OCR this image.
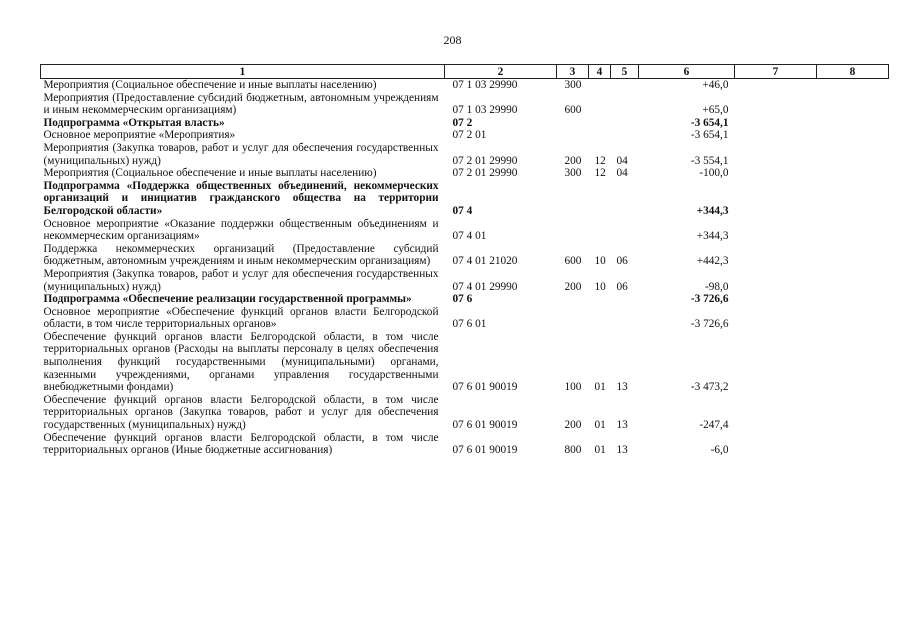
208
1	2	3	4	5	6	7	8
Мероприятия (Социальное обеспечение и иные выплаты населению)	07 1 03 29990	300			+46,0		
Мероприятия (Предоставление субсидий бюджетным, автономным учреждениям и иным некоммерческим организациям)	07 1 03 29990	600			+65,0		
Подпрограмма «Открытая власть»	07 2				-3 654,1		
Основное мероприятие «Мероприятия»	07 2 01				-3 654,1		
Мероприятия (Закупка товаров, работ и услуг для обеспечения государственных (муниципальных) нужд)	07 2 01 29990	200	12	04	-3 554,1		
Мероприятия (Социальное обеспечение и иные выплаты населению)	07 2 01 29990	300	12	04	-100,0		
Подпрограмма «Поддержка общественных объединений, некоммерческих организаций и инициатив гражданского общества на территории Белгородской области»	07 4				+344,3		
Основное мероприятие «Оказание поддержки общественным объединениям и некоммерческим организациям»	07 4 01				+344,3		
Поддержка некоммерческих организаций (Предоставление субсидий бюджетным, автономным учреждениям и иным некоммерческим организациям)	07 4 01 21020	600	10	06	+442,3		
Мероприятия (Закупка товаров, работ и услуг для обеспечения государственных (муниципальных) нужд)	07 4 01 29990	200	10	06	-98,0		
Подпрограмма «Обеспечение реализации государственной программы»	07 6				-3 726,6		
Основное мероприятие «Обеспечение функций органов власти Белгородской области, в том числе территориальных органов»	07 6 01				-3 726,6		
Обеспечение функций органов власти Белгородской области, в том числе территориальных органов (Расходы на выплаты персоналу в целях обеспечения выполнения функций государственными (муниципальными) органами, казенными учреждениями, органами управления государственными внебюджетными фондами)	07 6 01 90019	100	01	13	-3 473,2		
Обеспечение функций органов власти Белгородской области, в том числе территориальных органов (Закупка товаров, работ и услуг для обеспечения государственных (муниципальных) нужд)	07 6 01 90019	200	01	13	-247,4		
Обеспечение функций органов власти Белгородской области, в том числе территориальных органов (Иные бюджетные ассигнования)	07 6 01 90019	800	01	13	-6,0		
